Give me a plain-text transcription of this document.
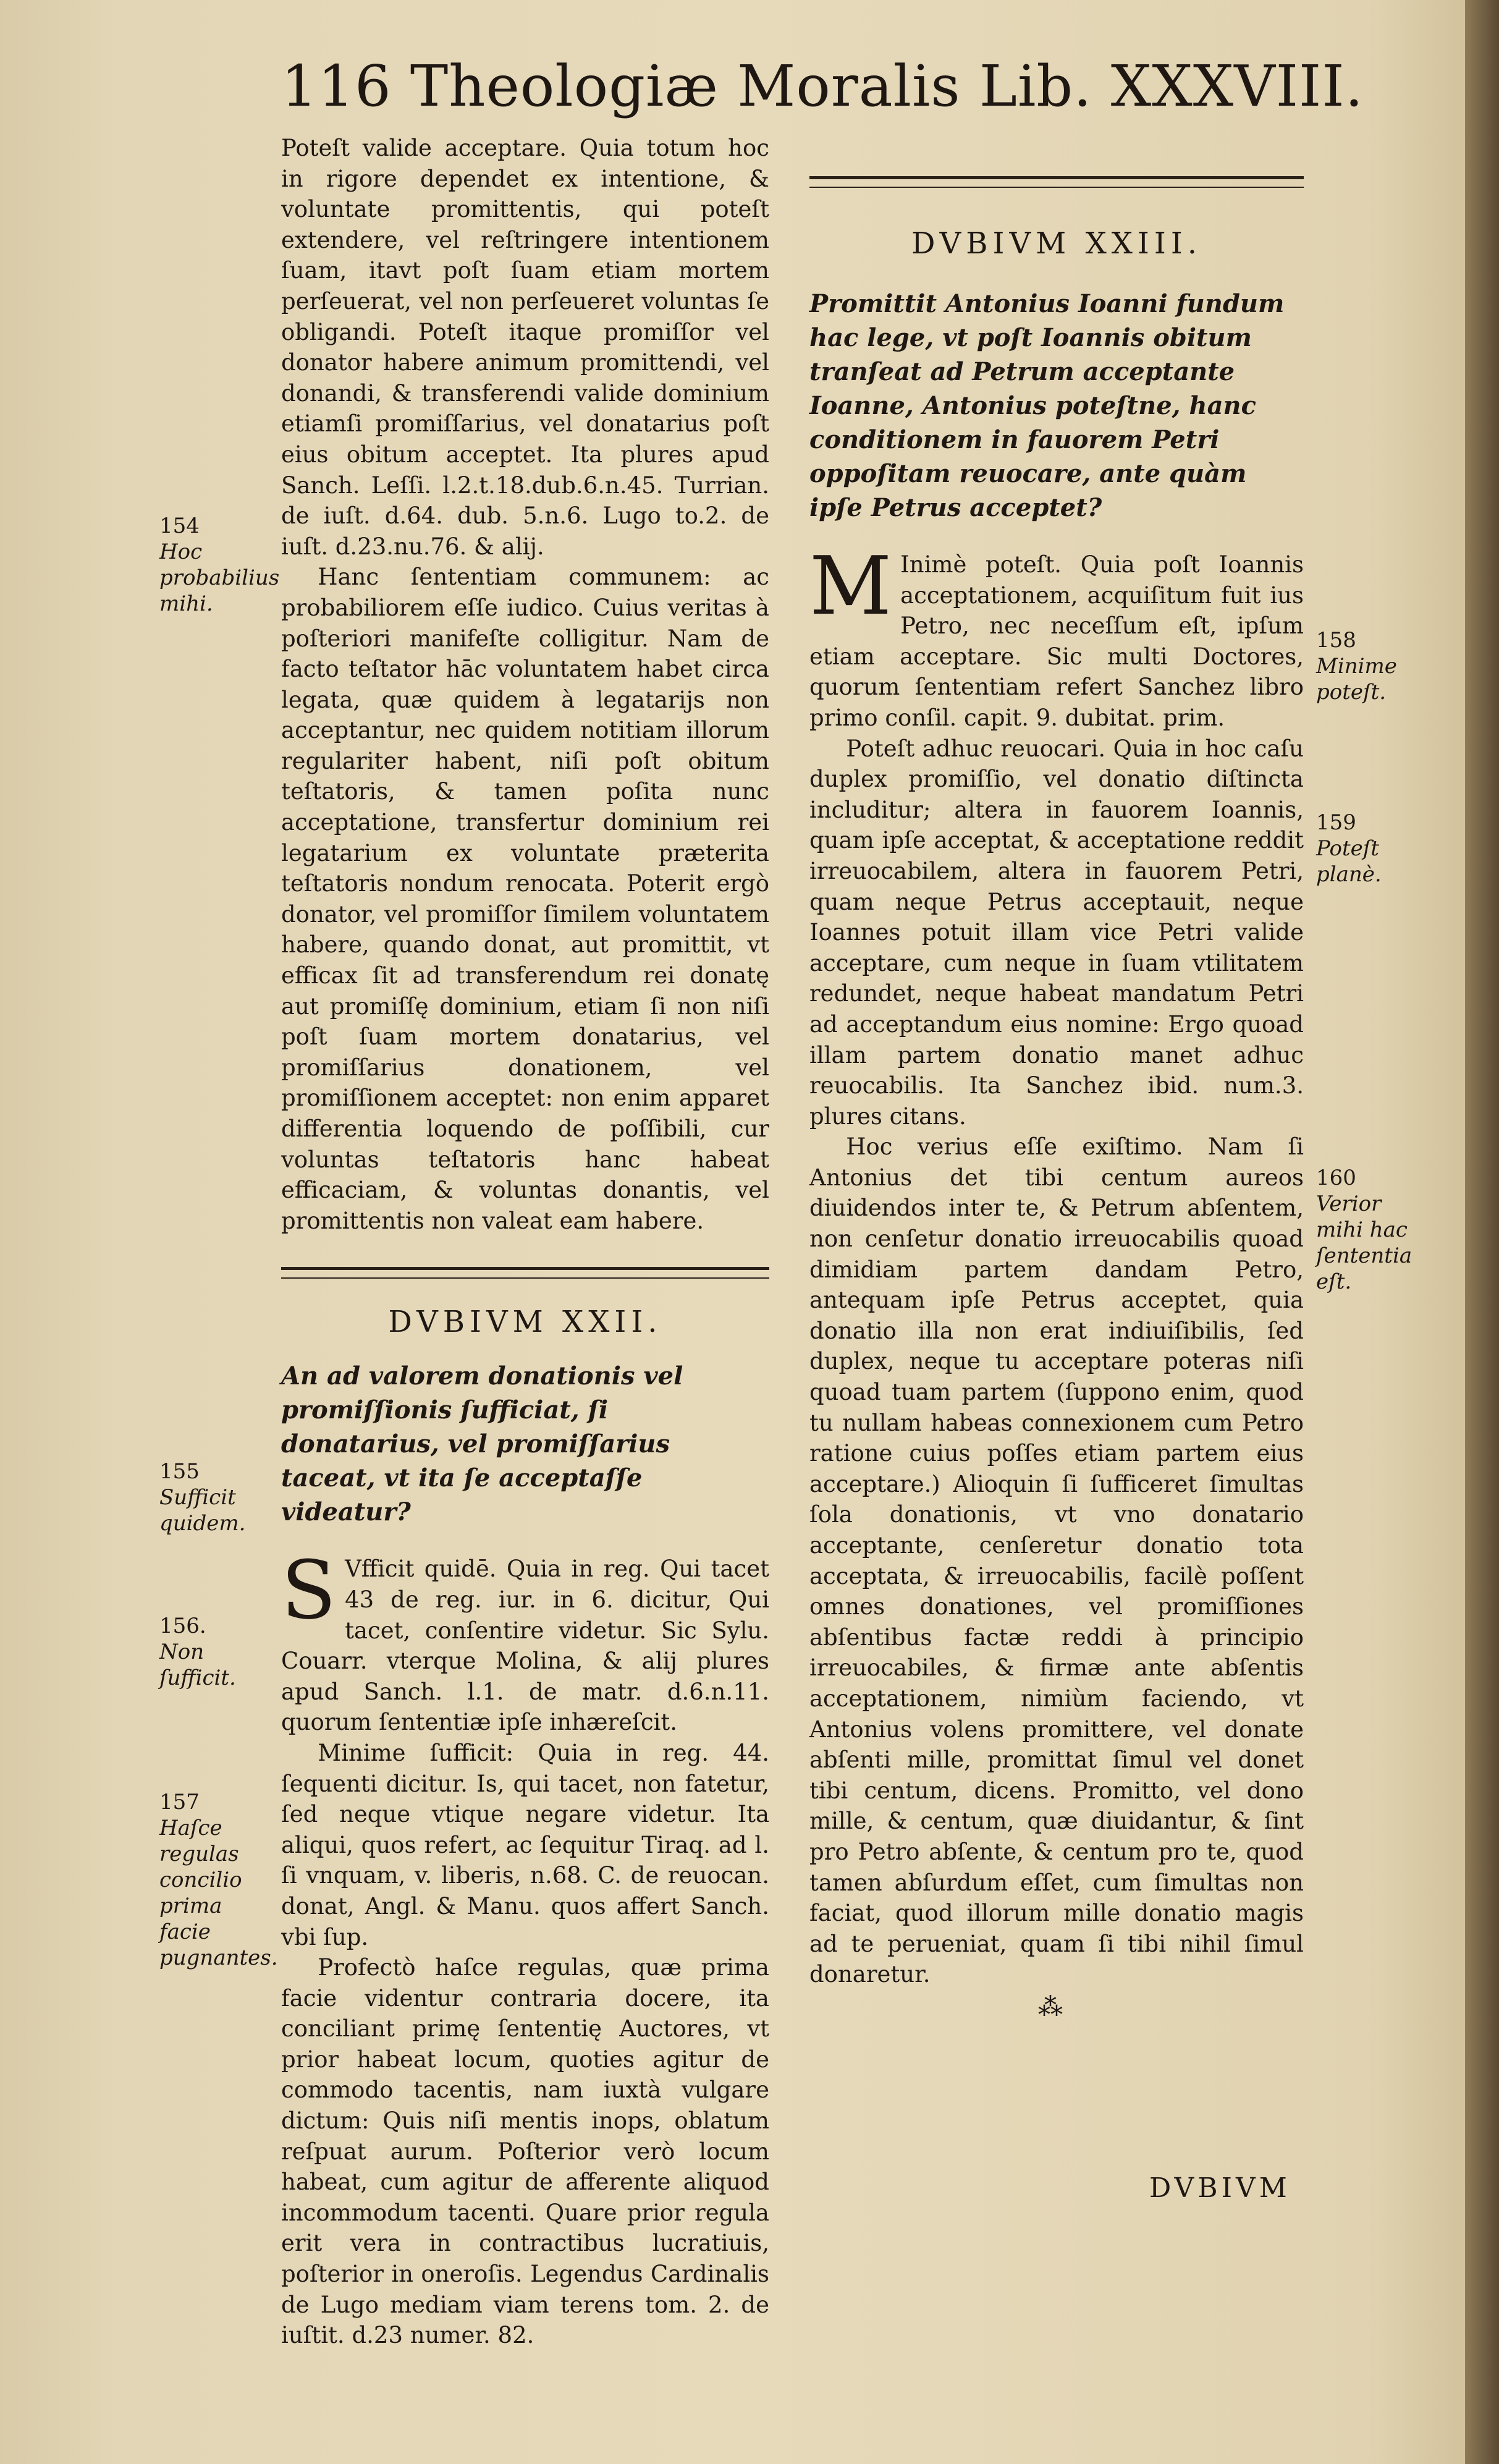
116 Theologiæ Moralis Lib. XXXVIII.

Poteſt valide acceptare. Quia totum hoc in rigore dependet ex intentione, & voluntate promittentis, qui poteſt extendere, vel reſtringere intentionem ſuam, itavt poſt ſuam etiam mortem perſeuerat, vel non perſeueret voluntas ſe obligandi. Poteſt itaque promiſſor vel donator habere animum promittendi, vel donandi, & transferendi valide dominium etiamſi promiſſarius, vel donatarius poſt eius obitum acceptet. Ita plures apud Sanch. Leſſi. l.2.t.18.dub.6.n.45. Turrian. de iuſt. d.64. dub. 5.n.6. Lugo to.2. de iuſt. d.23.nu.76. & alij.

Hanc ſententiam communem: ac probabiliorem eſſe iudico. Cuius veritas à poſteriori manifeſte colligitur. Nam de facto teſtator hāc voluntatem habet circa legata, quæ quidem à legatarijs non acceptantur, nec quidem notitiam illorum regulariter habent, niſi poſt obitum teſtatoris, & tamen poſita nunc acceptatione, transfertur dominium rei legatarium ex voluntate præterita teſtatoris nondum renocata. Poterit ergò donator, vel promiſſor ſimilem voluntatem habere, quando donat, aut promittit, vt efficax ſit ad transferendum rei donatę aut promiſſę dominium, etiam ſi non niſi poſt ſuam mortem donatarius, vel promiſſarius donationem, vel promiſſionem acceptet: non enim apparet differentia loquendo de poſſibili, cur voluntas teſtatoris hanc habeat efficaciam, & voluntas donantis, vel promittentis non valeat eam habere.

DVBIVM XXII.

An ad valorem donationis vel promiſſionis ſufficiat, ſi donatarius, vel promiſſarius taceat, vt ita ſe acceptaſſe videatur?

S Vfficit quidē. Quia in reg. Qui tacet 43 de reg. iur. in 6. dicitur, Qui tacet, conſentire videtur. Sic Sylu. Couarr. vterque Molina, & alij plures apud Sanch. l.1. de matr. d.6.n.11. quorum ſententiæ ipſe inhæreſcit.

Minime ſufficit: Quia in reg. 44. ſequenti dicitur. Is, qui tacet, non fatetur, ſed neque vtique negare videtur. Ita aliqui, quos refert, ac ſequitur Tiraq. ad l. ſi vnquam, v. liberis, n.68. C. de reuocan. donat, Angl. & Manu. quos affert Sanch. vbi ſup.

Profectò haſce regulas, quæ prima facie videntur contraria docere, ita conciliant primę ſententię Auctores, vt prior habeat locum, quoties agitur de commodo tacentis, nam iuxtà vulgare dictum: Quis niſi mentis inops, oblatum reſpuat aurum. Poſterior verò locum habeat, cum agitur de afferente aliquod incommodum tacenti. Quare prior regula erit vera in contractibus lucratiuis, poſterior in oneroſis. Legendus Cardinalis de Lugo mediam viam terens tom. 2. de iuſtit. d.23 numer. 82.

DVBIVM XXIII.

Promittit Antonius Ioanni fundum hac lege, vt poſt Ioannis obitum tranſeat ad Petrum acceptante Ioanne, Antonius poteſtne, hanc conditionem in fauorem Petri oppoſitam reuocare, ante quàm ipſe Petrus acceptet?

M Inimè poteſt. Quia poſt Ioannis acceptationem, acquiſitum fuit ius Petro, nec neceſſum eſt, ipſum etiam acceptare. Sic multi Doctores, quorum ſententiam refert Sanchez libro primo conſil. capit. 9. dubitat. prim.

Poteſt adhuc reuocari. Quia in hoc caſu duplex promiſſio, vel donatio diſtincta includitur; altera in fauorem Ioannis, quam ipſe acceptat, & acceptatione reddit irreuocabilem, altera in fauorem Petri, quam neque Petrus acceptauit, neque Ioannes potuit illam vice Petri valide acceptare, cum neque in ſuam vtilitatem redundet, neque habeat mandatum Petri ad acceptandum eius nomine: Ergo quoad illam partem donatio manet adhuc reuocabilis. Ita Sanchez ibid. num.3. plures citans.

Hoc verius eſſe exiſtimo. Nam ſi Antonius det tibi centum aureos diuidendos inter te, & Petrum abſentem, non cenſetur donatio irreuocabilis quoad dimidiam partem dandam Petro, antequam ipſe Petrus acceptet, quia donatio illa non erat indiuiſibilis, ſed duplex, neque tu acceptare poteras niſi quoad tuam partem (ſuppono enim, quod tu nullam habeas connexionem cum Petro ratione cuius poſſes etiam partem eius acceptare.) Alioquin ſi ſufficeret ſimultas ſola donationis, vt vno donatario acceptante, cenſeretur donatio tota acceptata, & irreuocabilis, facilè poſſent omnes donationes, vel promiſſiones abſentibus factæ reddi à principio irreuocabiles, & firmæ ante abſentis acceptationem, nimiùm faciendo, vt Antonius volens promittere, vel donate abſenti mille, promittat ſimul vel donet tibi centum, dicens. Promitto, vel dono mille, & centum, quæ diuidantur, & ſint pro Petro abſente, & centum pro te, quod tamen abſurdum eſſet, cum ſimultas non faciat, quod illorum mille donatio magis ad te perueniat, quam ſi tibi nihil ſimul donaretur.

⁂
DVBIVM
154
Hoc probabilius mihi.
155
Sufficit quidem.
156.
Non ſufficit.
157
Haſce regulas concilio prima facie pugnantes.
158
Minime poteſt.
159
Poteſt planè.
160
Verior mihi hac ſententia eſt.
